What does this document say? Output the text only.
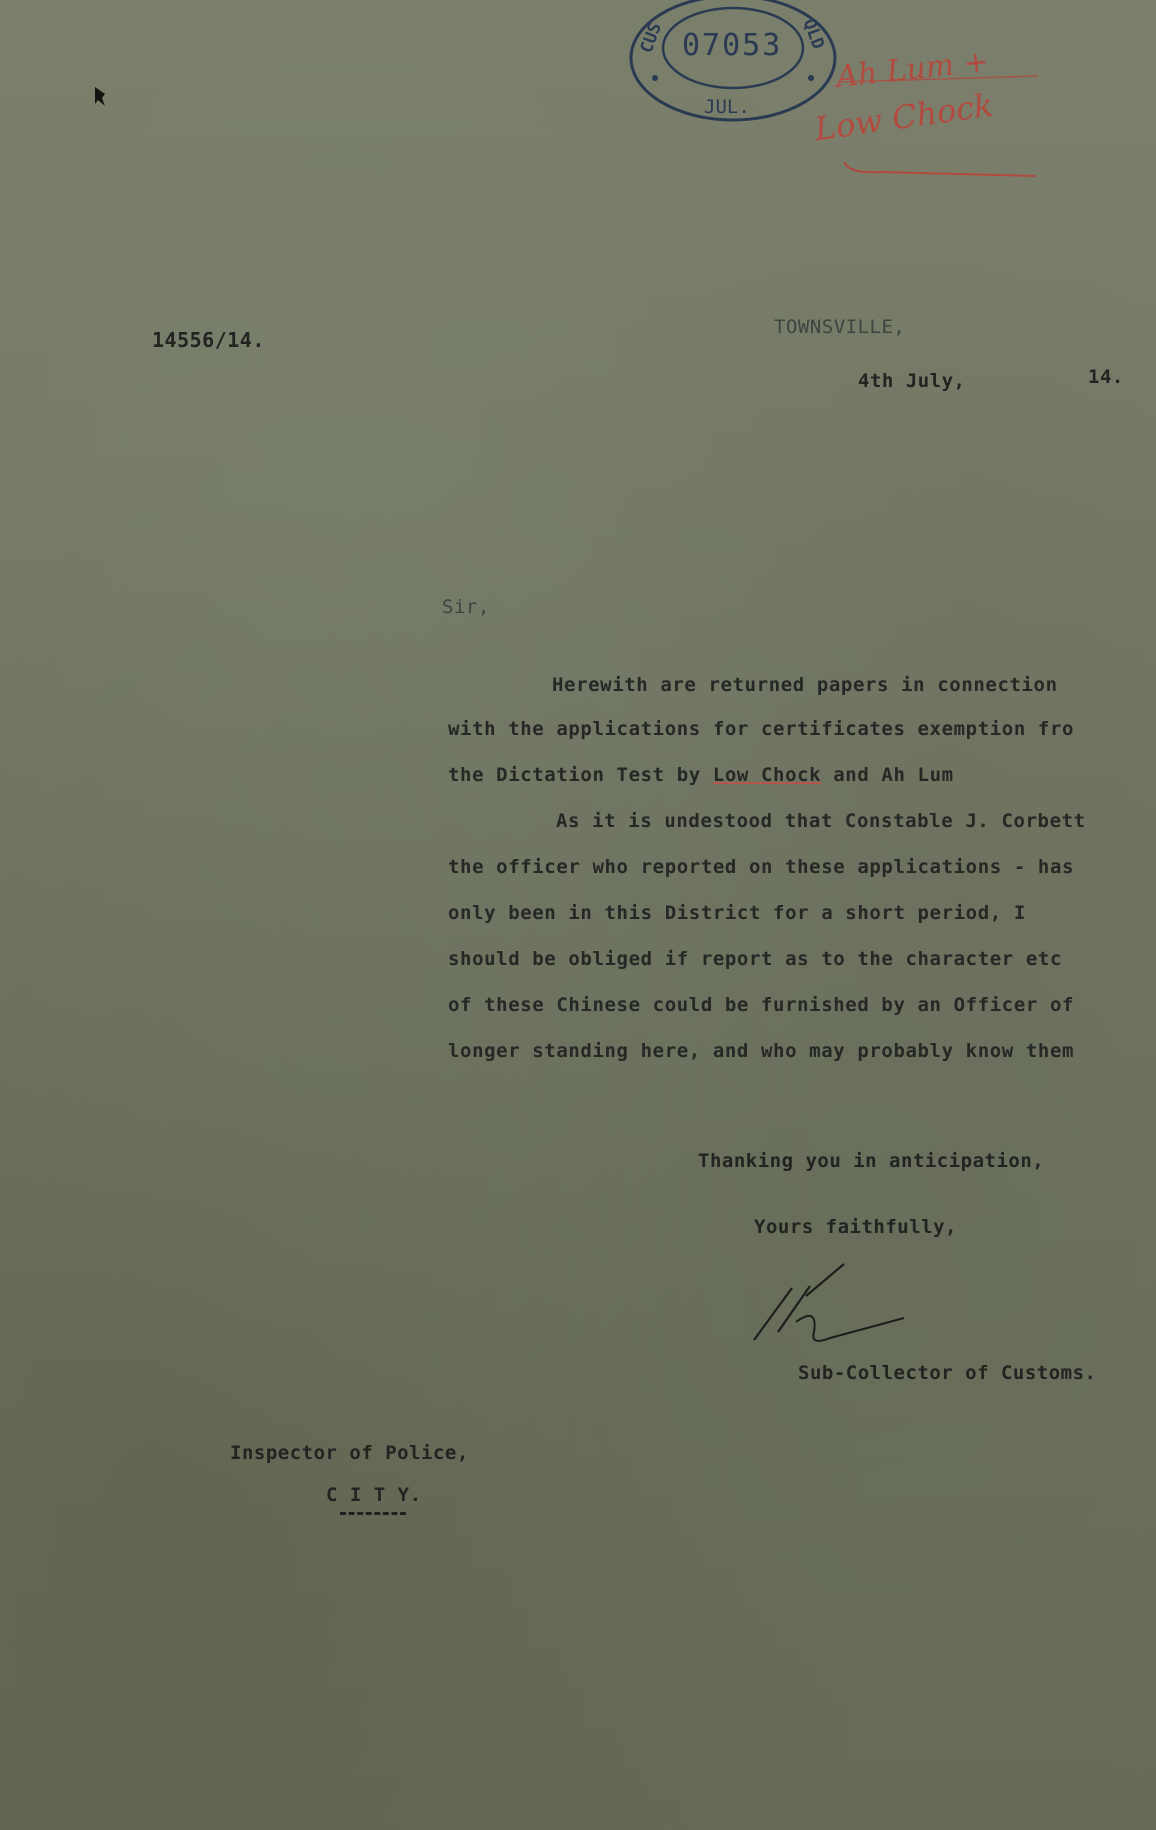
CUS	QLD
07053
JUL.
Ah Lum +
Low Chock
14556/14.
TOWNSVILLE,
4th July,	14.
Sir,
Herewith are returned papers in connection
with the applications for certificates exemption fro
the Dictation Test by Low Chock and Ah Lum
As it is undestood that Constable J. Corbett
the officer who reported on these applications - has
only been in this District for a short period, I
should be obliged if report as to the character etc
of these Chinese could be furnished by an Officer of
longer standing here, and who may probably know them
Thanking you in anticipation,
Yours faithfully,
Sub-Collector of Customs.
Inspector of Police,
C I T Y.
